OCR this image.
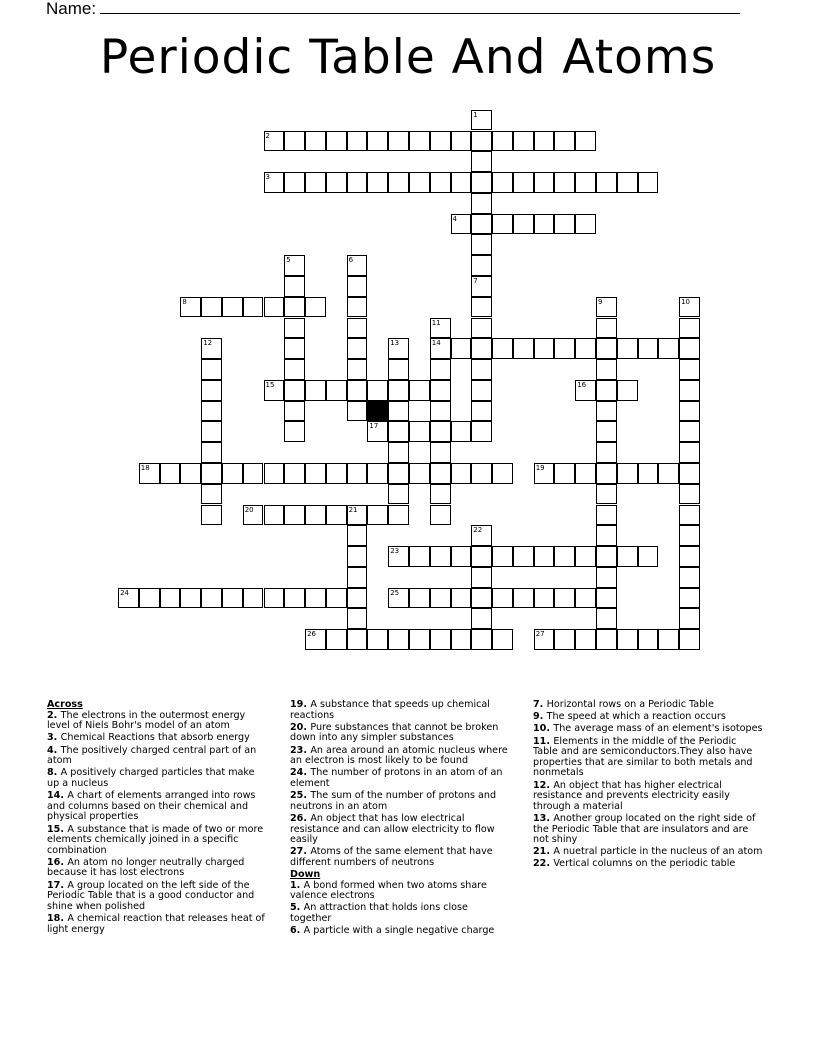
Name:
Periodic Table And Atoms
1
7
2
3
4
5	6
8	9	10
11
14
12	13
15	16
17
18	19
20	21
22
23
24	25
26	27
Across
2. The electrons in the outermost energy level of Niels Bohr's model of an atom
3. Chemical Reactions that absorb energy
4. The positively charged central part of an atom
8. A positively charged particles that make up a nucleus
14. A chart of elements arranged into rows and columns based on their chemical and physical properties
15. A substance that is made of two or more elements chemically joined in a specific combination
16. An atom no longer neutrally charged because it has lost electrons
17. A group located on the left side of the Periodic Table that is a good conductor and shine when polished
18. A chemical reaction that releases heat of light energy
19. A substance that speeds up chemical reactions
20. Pure substances that cannot be broken down into any simpler substances
23. An area around an atomic nucleus where an electron is most likely to be found
24. The number of protons in an atom of an element
25. The sum of the number of protons and neutrons in an atom
26. An object that has low electrical resistance and can allow electricity to flow easily
27. Atoms of the same element that have different numbers of neutrons
Down
1. A bond formed when two atoms share valence electrons
5. An attraction that holds ions close together
6. A particle with a single negative charge
7. Horizontal rows on a Periodic Table
9. The speed at which a reaction occurs
10. The average mass of an element's isotopes
11. Elements in the middle of the Periodic Table and are semiconductors.They also have properties that are similar to both metals and nonmetals
12. An object that has higher electrical resistance and prevents electricity easily through a material
13. Another group located on the right side of the Periodic Table that are insulators and are not shiny
21. A nuetral particle in the nucleus of an atom
22. Vertical columns on the periodic table
